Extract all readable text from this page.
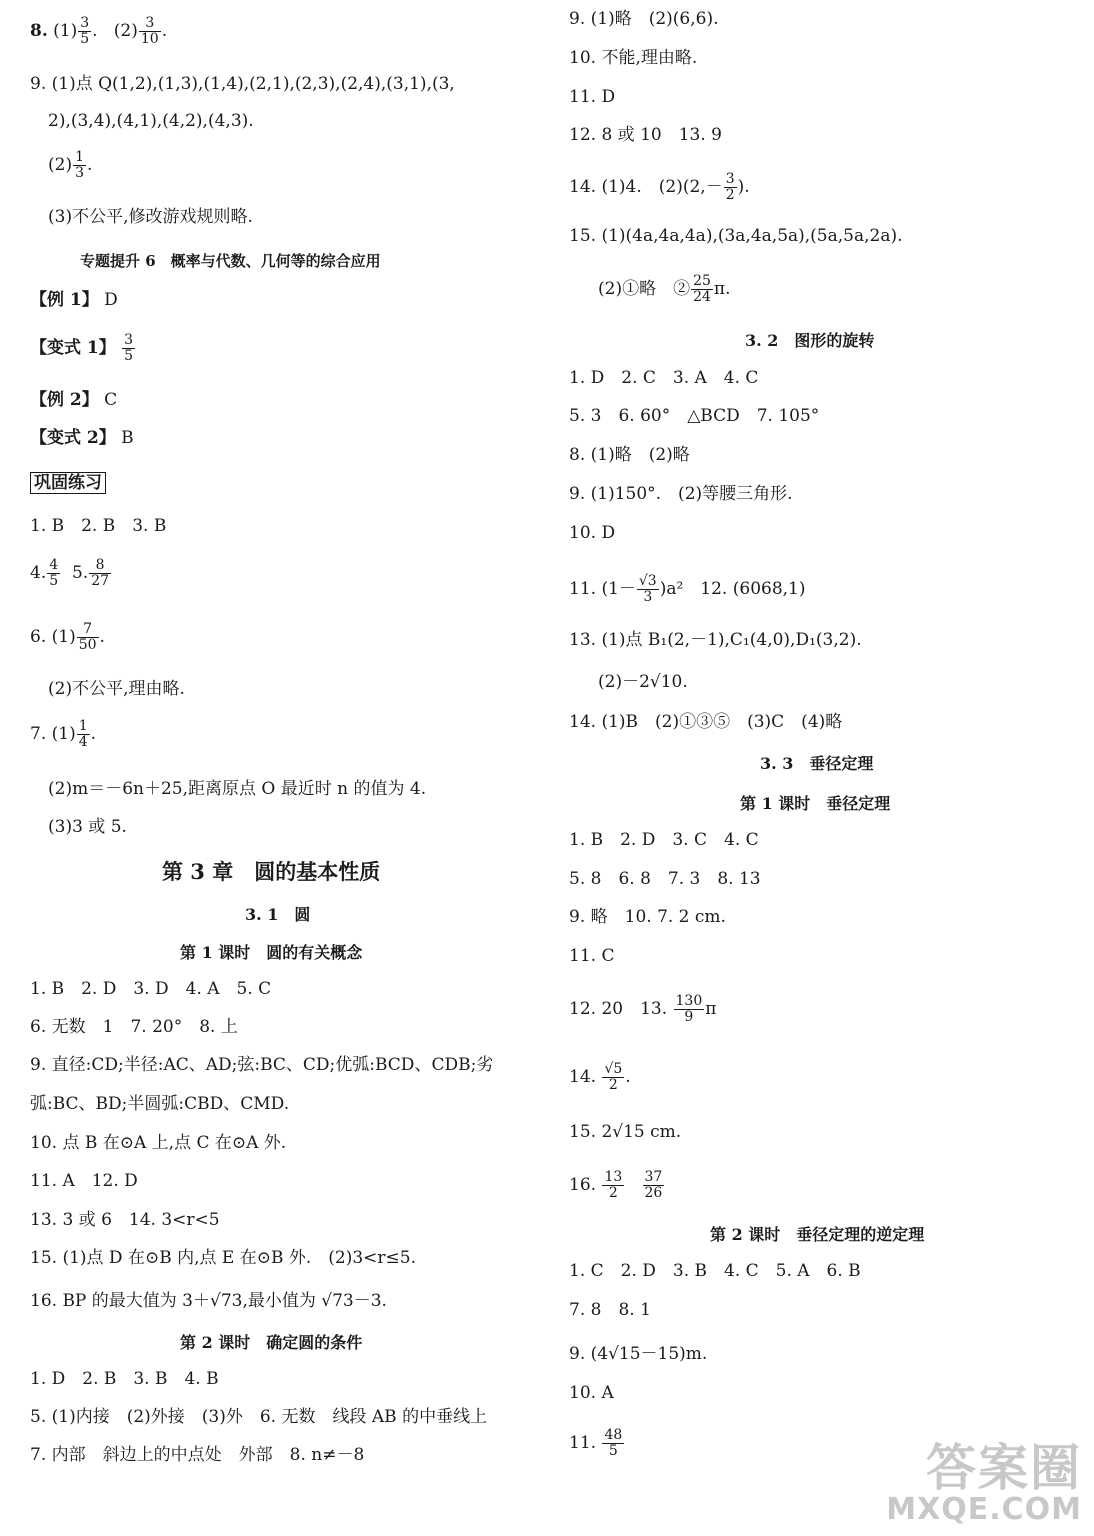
8. $(1) \frac{3}{5}$ . $(2) \frac{3}{10}$ .
9. (1)点 Q(1,2),(1,3),(1,4),(2,1),(2,3),(2,4),(3,1),(3,
2),(3,4),(4,1),(4,2),(4,3).
$(2) \frac{1}{3}$ .
(3)不公平,修改游戏规则略.
专题提升 6　概率与代数、几何等的综合应用
【例 1】 D
【变式 1】 $\frac{3}{5}$
【例 2】 C
【变式 2】 B
巩固练习
1. B　2. B　3. B
4. $\frac{4}{5} 5$. $\frac{8}{27}$
6. $(1) \frac{7}{50}$ .
(2)不公平,理由略.
7. $(1) \frac{1}{4}$ .
(2)m＝－6n＋25,距离原点 O 最近时 n 的值为 4.
(3)3 或 5.
第 3 章　圆的基本性质
3. 1　圆
第 1 课时　圆的有关概念
1. B　2. D　3. D　4. A　5. C
6. 无数　1　7. 20°　8. 上
9. 直径:CD;半径:AC、AD;弦:BC、CD;优弧:BCD、CDB;劣
弧:BC、BD;半圆弧:CBD、CMD.
10. 点 B 在⊙A 上,点 C 在⊙A 外.
11. A　12. D
13. 3 或 6　14. 3<r<5
15. (1)点 D 在⊙B 内,点 E 在⊙B 外.　(2)3<r≤5.
16. BP 的最大值为 3＋√73,最小值为 √73－3.
第 2 课时　确定圆的条件
1. D　2. B　3. B　4. B
5. (1)内接　(2)外接　(3)外　6. 无数　线段 AB 的中垂线上
7. 内部　斜边上的中点处　外部　8. n≠－8
9. (1)略　(2)(6,6).
10. 不能,理由略.
11. D
12. 8 或 10　13. 9
14. (1)4.　$(2)(2,- \frac{3}{2}$ ).
15. (1)(4a,4a,4a),(3a,4a,5a),(5a,5a,2a).
(2)①略　② $\frac{25}{24} \pi$.
3. 2　图形的旋转
1. D　2. C　3. A　4. C
5. 3　6. 60°　△BCD　7. 105°
8. (1)略　(2)略
9. (1)150°.　(2)等腰三角形.
10. D
11. $(1- \frac{√3}{3} )a^2$　12. (6068,1)
13. (1)点 B₁(2,－1),C₁(4,0),D₁(3,2).
(2)－2√10.
14. (1)B　(2)①③⑤　(3)C　(4)略
3. 3　垂径定理
第 1 课时　垂径定理
1. B　2. D　3. C　4. C
5. 8　6. 8　7. 3　8. 13
9. 略　10. 7. 2 cm.
11. C
12. 20　13. $\frac{130}{9}$ π
14. $\frac{√5}{2}$ .
15. 2√15 cm.
16. $\frac{13}{2}$
$\frac{37}{26}$
第 2 课时　垂径定理的逆定理
1. C　2. D　3. B　4. C　5. A　6. B
7. 8　8. 1
9. (4√15－15)m.
10. A
11. $\frac{48}{5}$	答案圈
MXQE.COM
